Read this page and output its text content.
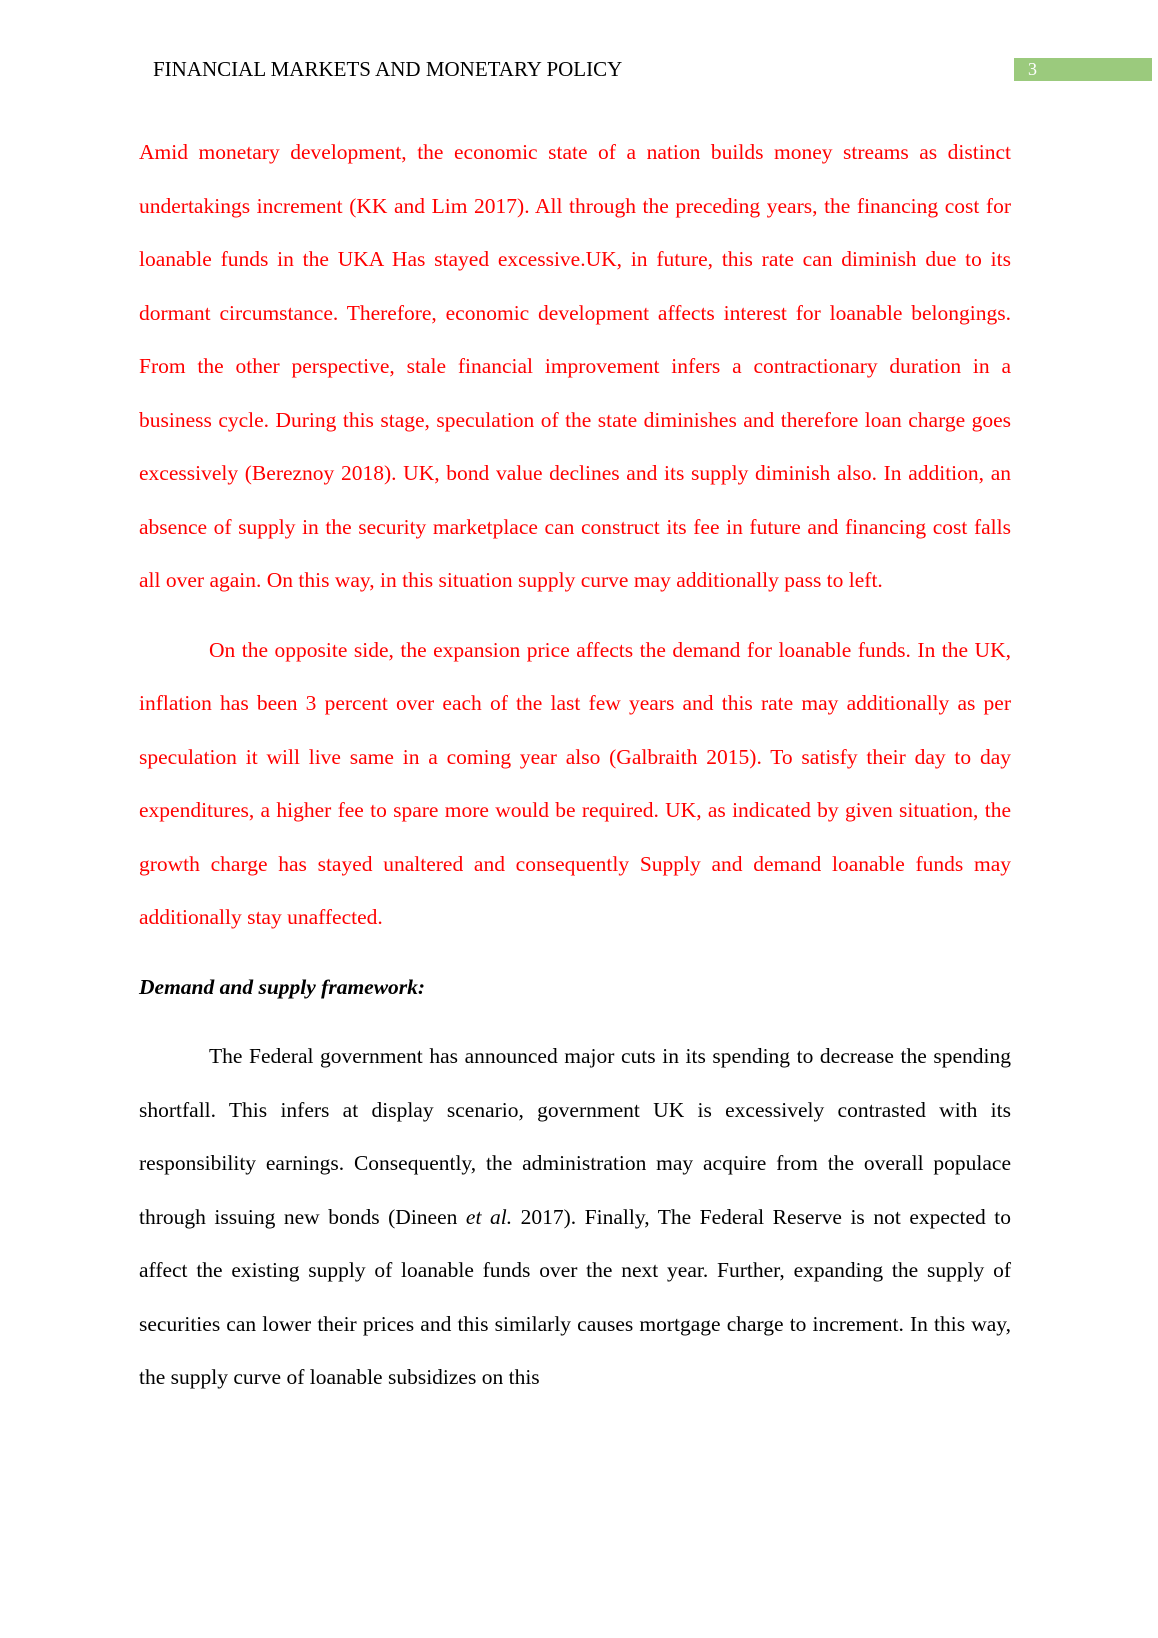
FINANCIAL MARKETS AND MONETARY POLICY	3

Amid monetary development, the economic state of a nation builds money streams as distinct undertakings increment (KK and Lim 2017). All through the preceding years, the financing cost for loanable funds in the UKA Has stayed excessive.UK, in future, this rate can diminish due to its dormant circumstance. Therefore, economic development affects interest for loanable belongings. From the other perspective, stale financial improvement infers a contractionary duration in a business cycle. During this stage, speculation of the state diminishes and therefore loan charge goes excessively (Bereznoy 2018). UK, bond value declines and its supply diminish also. In addition, an absence of supply in the security marketplace can construct its fee in future and financing cost falls all over again. On this way, in this situation supply curve may additionally pass to left.

On the opposite side, the expansion price affects the demand for loanable funds. In the UK, inflation has been 3 percent over each of the last few years and this rate may additionally as per speculation it will live same in a coming year also (Galbraith 2015). To satisfy their day to day expenditures, a higher fee to spare more would be required. UK, as indicated by given situation, the growth charge has stayed unaltered and consequently Supply and demand loanable funds may additionally stay unaffected.

Demand and supply framework:

The Federal government has announced major cuts in its spending to decrease the spending shortfall. This infers at display scenario, government UK is excessively contrasted with its responsibility earnings. Consequently, the administration may acquire from the overall populace through issuing new bonds (Dineen et al. 2017). Finally, The Federal Reserve is not expected to affect the existing supply of loanable funds over the next year. Further, expanding the supply of securities can lower their prices and this similarly causes mortgage charge to increment. In this way, the supply curve of loanable subsidizes on this
